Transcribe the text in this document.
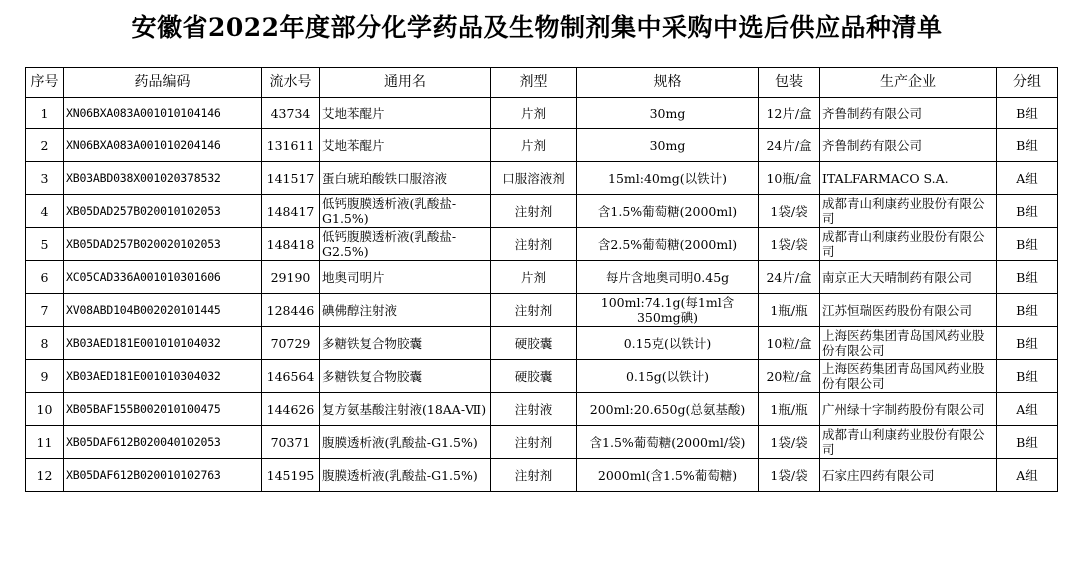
安徽省2022年度部分化学药品及生物制剂集中采购中选后供应品种清单
序号	药品编码	流水号	通用名	剂型	规格	包装	生产企业	分组
1	XN06BXA083A001010104146	43734	艾地苯醌片	片剂	30mg	12片/盒	齐鲁制药有限公司	B组
2	XN06BXA083A001010204146	131611	艾地苯醌片	片剂	30mg	24片/盒	齐鲁制药有限公司	B组
3	XB03ABD038X001020378532	141517	蛋白琥珀酸铁口服溶液	口服溶液剂	15ml:40mg(以铁计)	10瓶/盒	ITALFARMACO S.A.	A组
4	XB05DAD257B020010102053	148417	低钙腹膜透析液(乳酸盐-G1.5%)	注射剂	含1.5%葡萄糖(2000ml)	1袋/袋	成都青山利康药业股份有限公司	B组
5	XB05DAD257B020020102053	148418	低钙腹膜透析液(乳酸盐-G2.5%)	注射剂	含2.5%葡萄糖(2000ml)	1袋/袋	成都青山利康药业股份有限公司	B组
6	XC05CAD336A001010301606	29190	地奥司明片	片剂	每片含地奥司明0.45g	24片/盒	南京正大天晴制药有限公司	B组
7	XV08ABD104B002020101445	128446	碘佛醇注射液	注射剂	100ml:74.1g(每1ml含350mg碘)	1瓶/瓶	江苏恒瑞医药股份有限公司	B组
8	XB03AED181E001010104032	70729	多糖铁复合物胶囊	硬胶囊	0.15克(以铁计)	10粒/盒	上海医药集团青岛国风药业股份有限公司	B组
9	XB03AED181E001010304032	146564	多糖铁复合物胶囊	硬胶囊	0.15g(以铁计)	20粒/盒	上海医药集团青岛国风药业股份有限公司	B组
10	XB05BAF155B002010100475	144626	复方氨基酸注射液(18AA-Ⅶ)	注射液	200ml:20.650g(总氨基酸)	1瓶/瓶	广州绿十字制药股份有限公司	A组
11	XB05DAF612B020040102053	70371	腹膜透析液(乳酸盐-G1.5%)	注射剂	含1.5%葡萄糖(2000ml/袋)	1袋/袋	成都青山利康药业股份有限公司	B组
12	XB05DAF612B020010102763	145195	腹膜透析液(乳酸盐-G1.5%)	注射剂	2000ml(含1.5%葡萄糖)	1袋/袋	石家庄四药有限公司	A组
